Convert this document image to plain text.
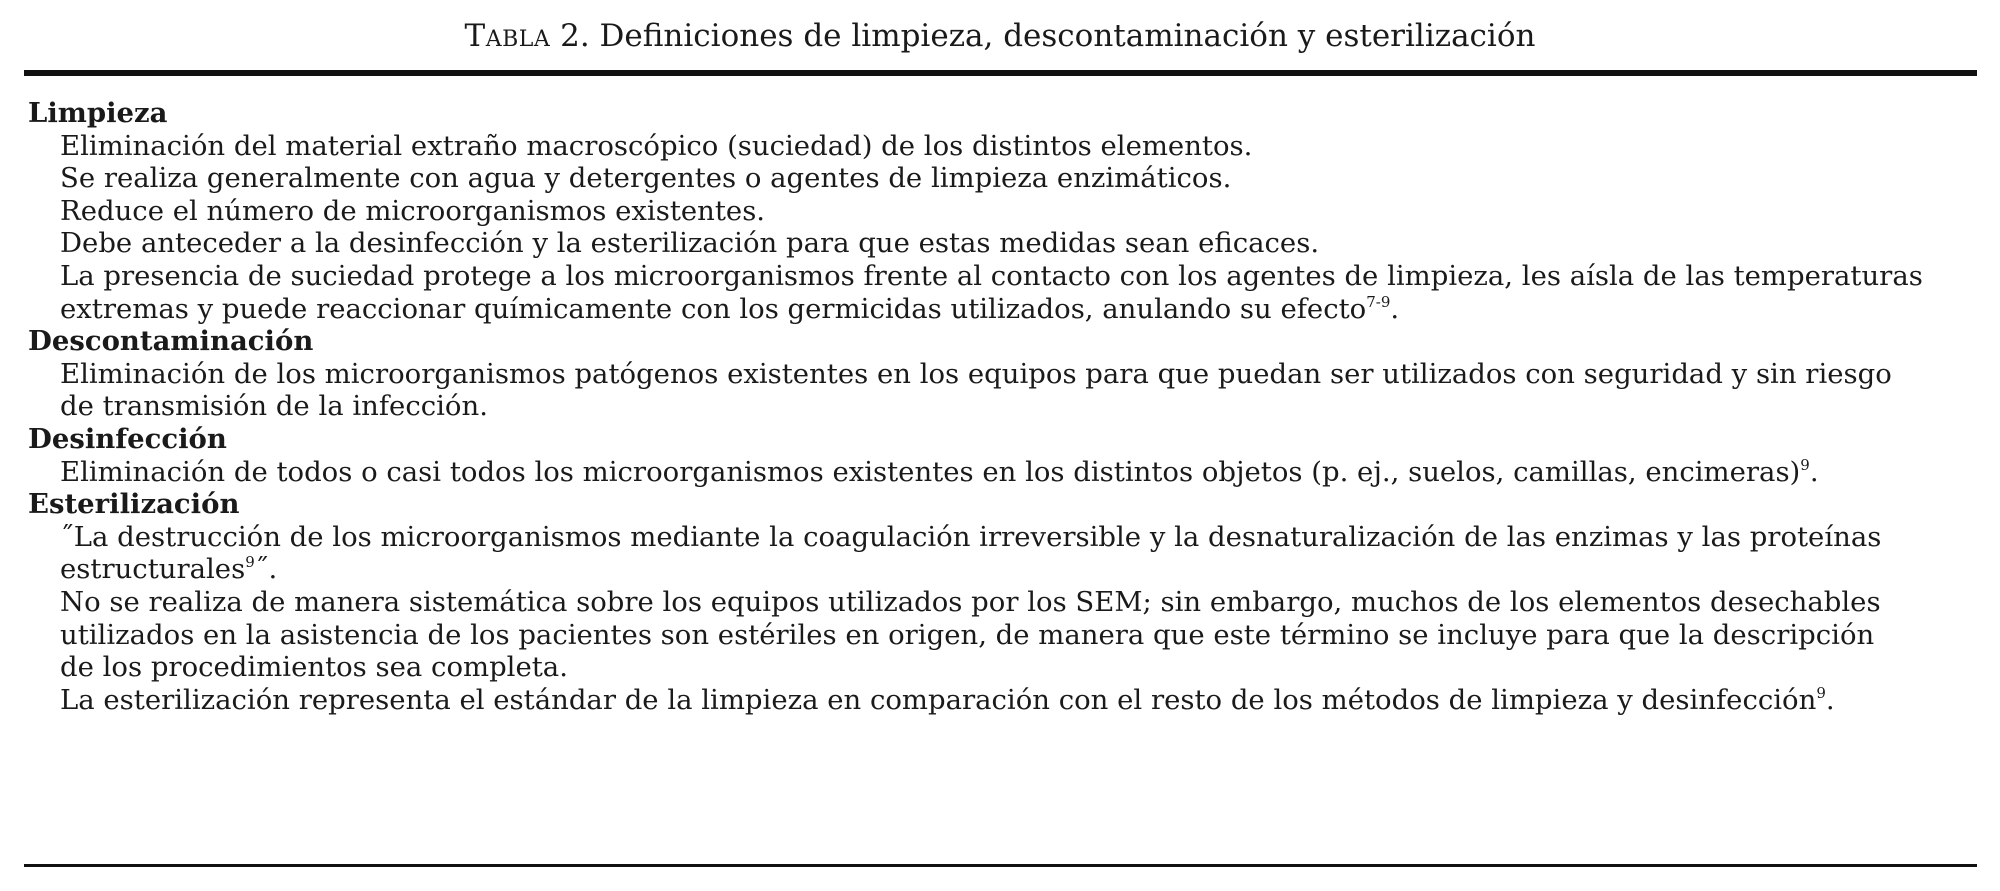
Tabla 2. Definiciones de limpieza, descontaminación y esterilización
Limpieza
Eliminación del material extraño macroscópico (suciedad) de los distintos elementos.
Se realiza generalmente con agua y detergentes o agentes de limpieza enzimáticos.
Reduce el número de microorganismos existentes.
Debe anteceder a la desinfección y la esterilización para que estas medidas sean eficaces.
La presencia de suciedad protege a los microorganismos frente al contacto con los agentes de limpieza, les aísla de las temperaturas
extremas y puede reaccionar químicamente con los germicidas utilizados, anulando su efecto$^{7-9}$.
Descontaminación
Eliminación de los microorganismos patógenos existentes en los equipos para que puedan ser utilizados con seguridad y sin riesgo
de transmisión de la infección.
Desinfección
Eliminación de todos o casi todos los microorganismos existentes en los distintos objetos (p. ej., suelos, camillas, encimeras)$^9$.
Esterilización
˝La destrucción de los microorganismos mediante la coagulación irreversible y la desnaturalización de las enzimas y las proteínas
estructurales$^9$˝.
No se realiza de manera sistemática sobre los equipos utilizados por los SEM; sin embargo, muchos de los elementos desechables
utilizados en la asistencia de los pacientes son estériles en origen, de manera que este término se incluye para que la descripción
de los procedimientos sea completa.
La esterilización representa el estándar de la limpieza en comparación con el resto de los métodos de limpieza y desinfección$^9$.
